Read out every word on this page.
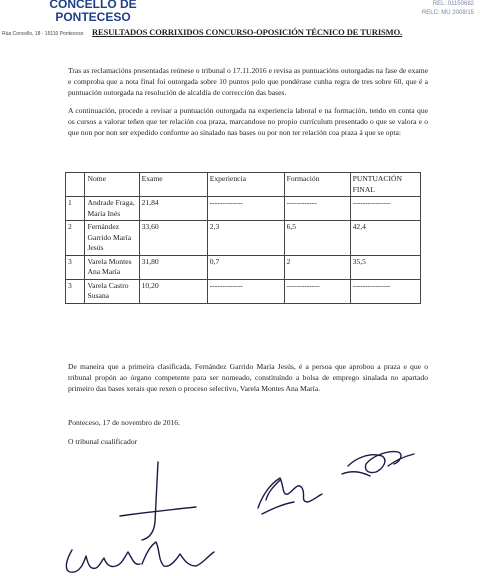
CONCELLO DE
PONTECESO
Rúa Concello, 18 · 15110 Ponteceso
REL: 01150682
RELC: MU 2008/15
RESULTADOS CORRIXIDOS CONCURSO-OPOSICIÓN TÉCNICO DE TURISMO.

Tras as reclamacións presentadas reúnese o tribunal o 17.11.2016 e revisa as puntuacións outorgadas na fase de exame e comproba que a nota final foi outorgada sobre 10 puntos polo que pondérase cunha regra de tres sobre 60, que é a puntuación outorgada na resolución de alcaldía de corrección das bases.

A continuación, procede a revisar a puntuación outorgada na experiencia laboral e na formación, tendo en conta que os cursos a valorar teñen que ter relación coa praza, marcandose no propio currículum presentado o que se valora e o que non por non ser expedido conforme ao sinalado nas bases ou por non ter relación coa praza á que se opta:

	Nome	Exame	Experiencia	Formación	PUNTUACIÓN FINAL
1	Andrade Fraga, María Inés	21,84	-------------	------------	---------------
2	Fernández Garrido María Jesús	33,60	2,3	6,5	42,4
3	Varela Montes Ana María	31,80	0,7	2	35,5
3	Varela Castro Susana	10,20	-------------	-------------	---------------

De maneira que a primeira clasificada, Fernández Garrido María Jesús, é a persoa que aprobou a praza e que o tribunal propón ao órgano competente para ser nomeado, constituíndo a bolsa de emprego sinalada no apartado primeiro das bases xerais que rexen o proceso selectivo, Varela Montes Ana María.

Ponteceso, 17 de novembro de 2016.
O tribunal cualificador
